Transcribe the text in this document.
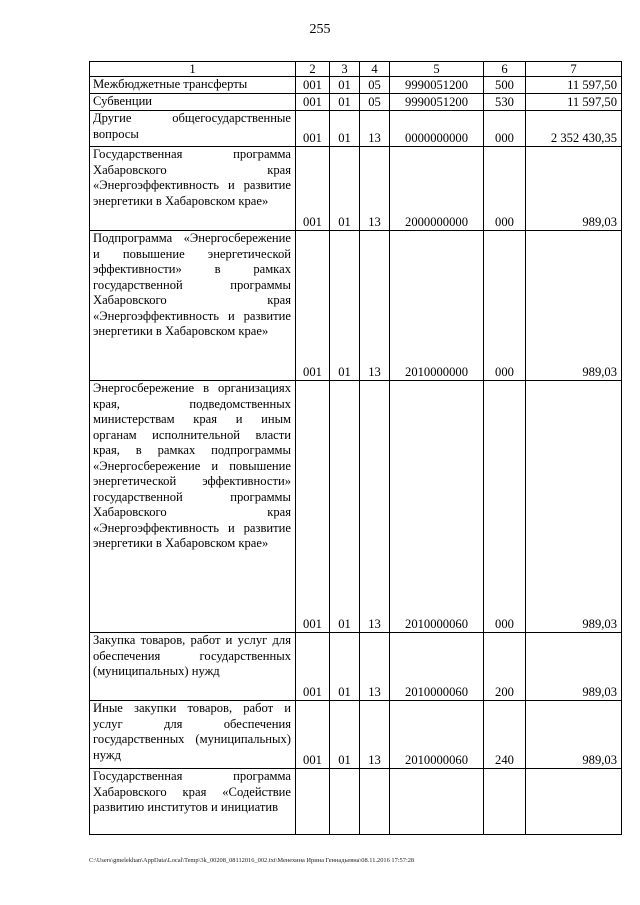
255
1	2	3	4	5	6	7
Межбюджетные трансферты	001	01	05	9990051200	500	11 597,50
Субвенции	001	01	05	9990051200	530	11 597,50
Другие общегосударственные вопросы	001	01	13	0000000000	000	2 352 430,35
Государственная программа Хабаровского края «Энергоэффективность и развитие энергетики в Хабаровском крае»	001	01	13	2000000000	000	989,03
Подпрограмма «Энергосбережение и повышение энергетической эффективности» в рамках государственной программы Хабаровского края «Энергоэффективность и развитие энергетики в Хабаровском крае»	001	01	13	2010000000	000	989,03
Энергосбережение в организациях края, подведомственных министерствам края и иным органам исполнительной власти края, в рамках подпрограммы «Энергосбережение и повышение энергетической эффективности» государственной программы Хабаровского края «Энергоэффективность и развитие энергетики в Хабаровском крае»	001	01	13	2010000060	000	989,03
Закупка товаров, работ и услуг для обеспечения государственных (муниципальных) нужд	001	01	13	2010000060	200	989,03
Иные закупки товаров, работ и услуг для обеспечения государственных (муниципальных) нужд	001	01	13	2010000060	240	989,03
Государственная программа Хабаровского края «Содействие развитию институтов и инициатив						
C:\Users\gmelekhan\AppData\Local\Temp\3k_00208_08112016_002.txt\Менехина Ирина Геннадьевна\08.11.2016 17:57:28
